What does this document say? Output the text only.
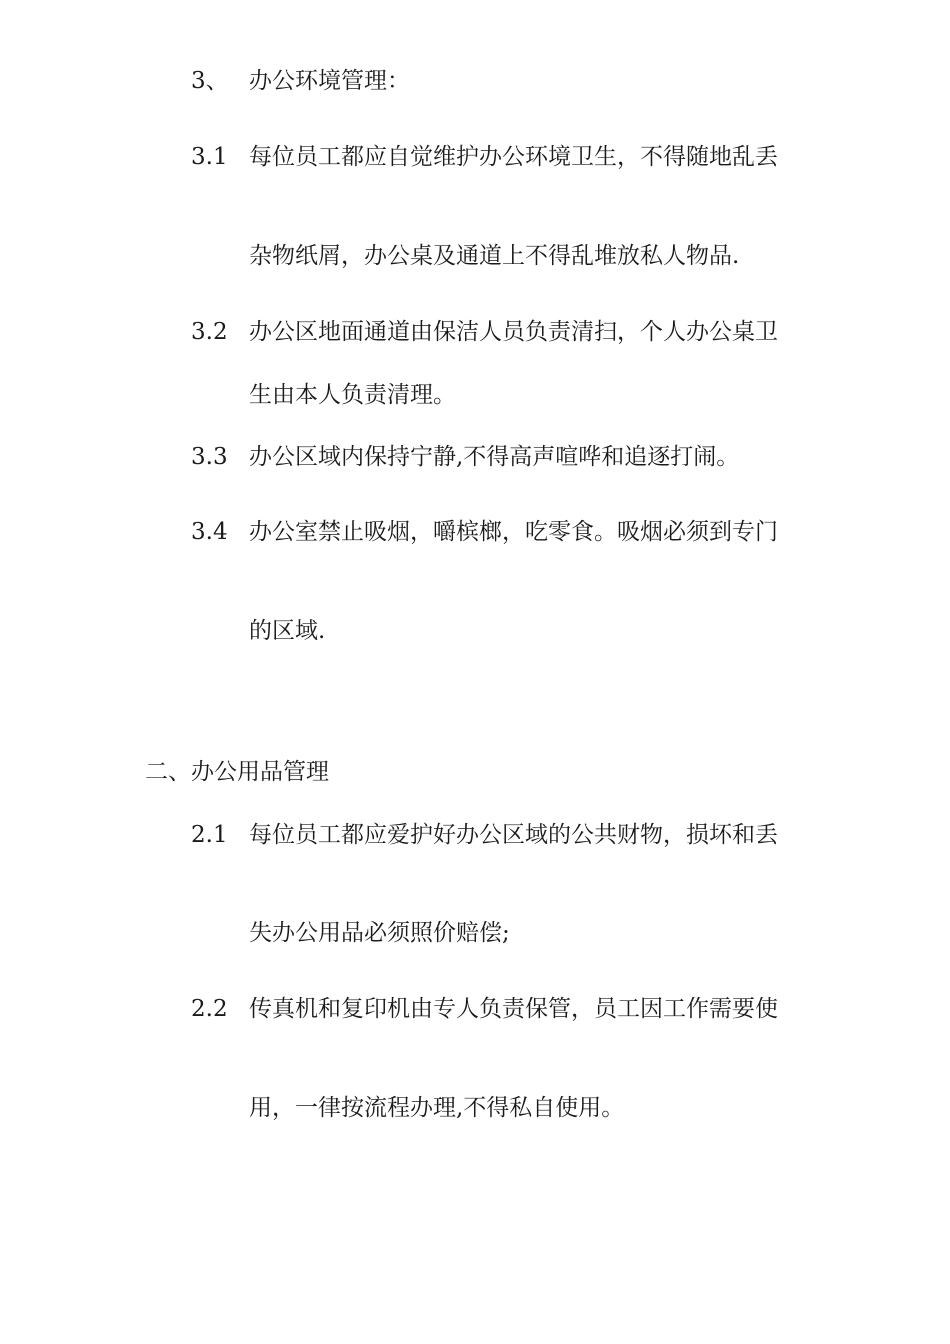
3、 办公环境管理：

3.1 每位员工都应自觉维护办公环境卫生，不得随地乱丢

杂物纸屑，办公桌及通道上不得乱堆放私人物品.

3.2 办公区地面通道由保洁人员负责清扫，个人办公桌卫

生由本人负责清理。

3.3 办公区域内保持宁静,不得高声喧哗和追逐打闹。

3.4 办公室禁止吸烟，嚼槟榔，吃零食。吸烟必须到专门

的区域.

二、办公用品管理

2.1 每位员工都应爱护好办公区域的公共财物，损坏和丢

失办公用品必须照价赔偿;

2.2 传真机和复印机由专人负责保管，员工因工作需要使

用，一律按流程办理,不得私自使用。
